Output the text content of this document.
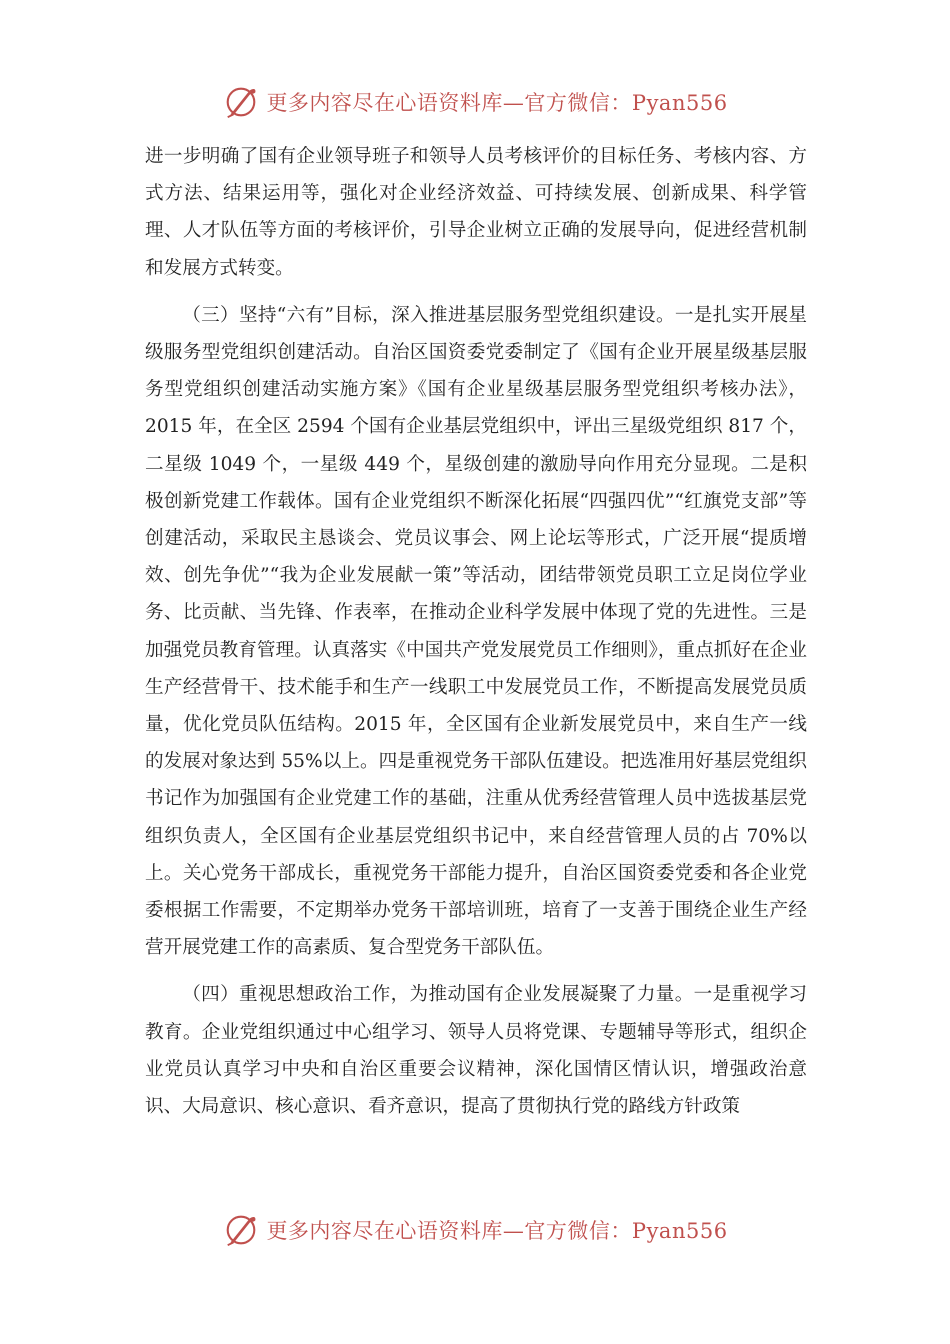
更多内容尽在心语资料库—官方微信：Pyan556

进一步明确了国有企业领导班子和领导人员考核评价的目标任务、考核内容、方式方法、结果运用等，强化对企业经济效益、可持续发展、创新成果、科学管理、人才队伍等方面的考核评价，引导企业树立正确的发展导向，促进经营机制和发展方式转变。

（三）坚持“六有”目标，深入推进基层服务型党组织建设。一是扎实开展星级服务型党组织创建活动。自治区国资委党委制定了《国有企业开展星级基层服务型党组织创建活动实施方案》《国有企业星级基层服务型党组织考核办法》，2015 年，在全区 2594 个国有企业基层党组织中，评出三星级党组织 817 个，二星级 1049 个，一星级 449 个，星级创建的激励导向作用充分显现。二是积极创新党建工作载体。国有企业党组织不断深化拓展“四强四优”“红旗党支部”等创建活动，采取民主恳谈会、党员议事会、网上论坛等形式，广泛开展“提质增效、创先争优”“我为企业发展献一策”等活动，团结带领党员职工立足岗位学业务、比贡献、当先锋、作表率，在推动企业科学发展中体现了党的先进性。三是加强党员教育管理。认真落实《中国共产党发展党员工作细则》，重点抓好在企业生产经营骨干、技术能手和生产一线职工中发展党员工作，不断提高发展党员质量，优化党员队伍结构。2015 年，全区国有企业新发展党员中，来自生产一线的发展对象达到 55%以上。四是重视党务干部队伍建设。把选准用好基层党组织书记作为加强国有企业党建工作的基础，注重从优秀经营管理人员中选拔基层党组织负责人，全区国有企业基层党组织书记中，来自经营管理人员的占 70%以上。关心党务干部成长，重视党务干部能力提升，自治区国资委党委和各企业党委根据工作需要，不定期举办党务干部培训班，培育了一支善于围绕企业生产经营开展党建工作的高素质、复合型党务干部队伍。

（四）重视思想政治工作，为推动国有企业发展凝聚了力量。一是重视学习教育。企业党组织通过中心组学习、领导人员将党课、专题辅导等形式，组织企业党员认真学习中央和自治区重要会议精神，深化国情区情认识，增强政治意识、大局意识、核心意识、看齐意识，提高了贯彻执行党的路线方针政策

更多内容尽在心语资料库—官方微信：Pyan556
